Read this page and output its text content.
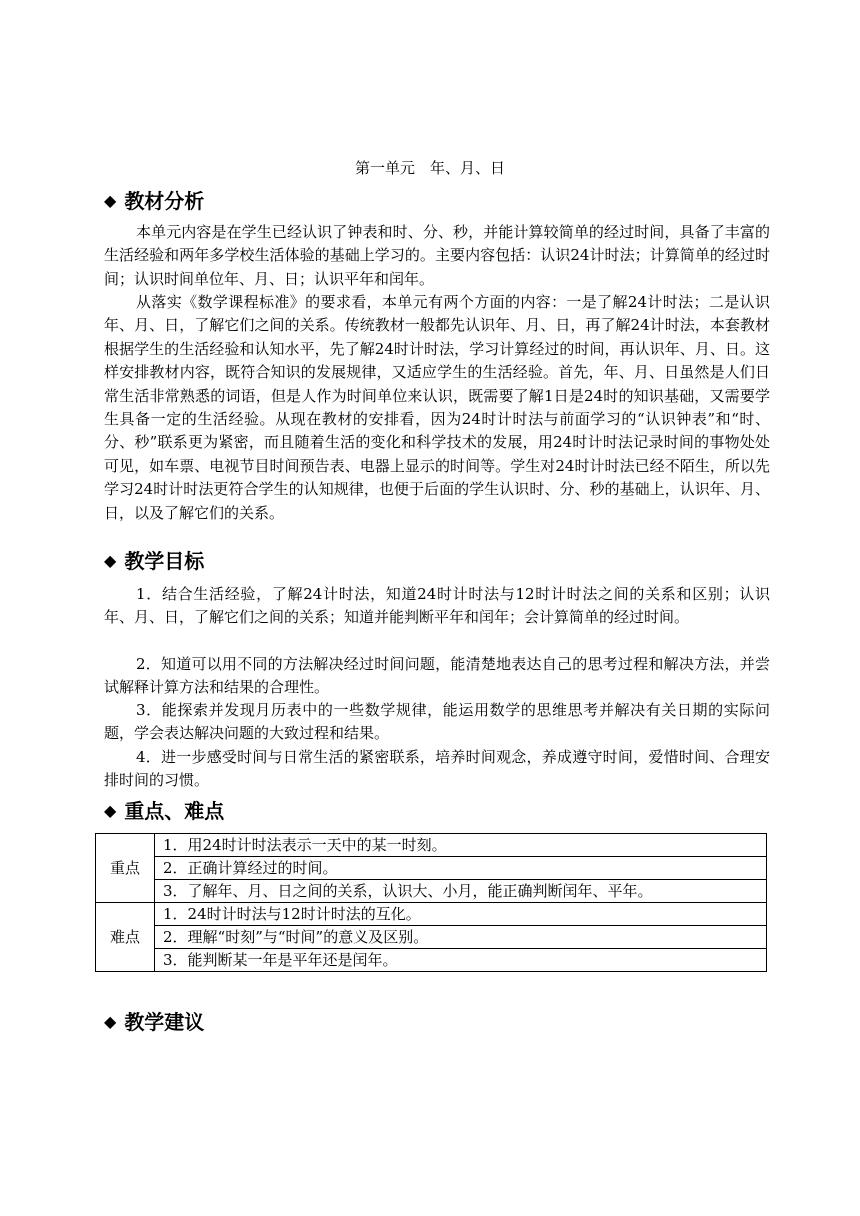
第一单元　年、月、日
◆ 教材分析

本单元内容是在学生已经认识了钟表和时、分、秒，并能计算较简单的经过时间，具备了丰富的生活经验和两年多学校生活体验的基础上学习的。主要内容包括：认识24计时法；计算简单的经过时间；认识时间单位年、月、日；认识平年和闰年。

从落实《数学课程标准》的要求看，本单元有两个方面的内容：一是了解24计时法；二是认识年、月、日，了解它们之间的关系。传统教材一般都先认识年、月、日，再了解24计时法，本套教材根据学生的生活经验和认知水平，先了解24时计时法，学习计算经过的时间，再认识年、月、日。这样安排教材内容，既符合知识的发展规律，又适应学生的生活经验。首先，年、月、日虽然是人们日常生活非常熟悉的词语，但是人作为时间单位来认识，既需要了解1日是24时的知识基础，又需要学生具备一定的生活经验。从现在教材的安排看，因为24时计时法与前面学习的“认识钟表”和“时、分、秒”联系更为紧密，而且随着生活的变化和科学技术的发展，用24时计时法记录时间的事物处处可见，如车票、电视节目时间预告表、电器上显示的时间等。学生对24时计时法已经不陌生，所以先学习24时计时法更符合学生的认知规律，也便于后面的学生认识时、分、秒的基础上，认识年、月、日，以及了解它们的关系。

◆ 教学目标

1．结合生活经验，了解24计时法，知道24时计时法与12时计时法之间的关系和区别；认识年、月、日，了解它们之间的关系；知道并能判断平年和闰年；会计算简单的经过时间。

2．知道可以用不同的方法解决经过时间问题，能清楚地表达自己的思考过程和解决方法，并尝试解释计算方法和结果的合理性。

3．能探索并发现月历表中的一些数学规律，能运用数学的思维思考并解决有关日期的实际问题，学会表达解决问题的大致过程和结果。

4．进一步感受时间与日常生活的紧密联系，培养时间观念，养成遵守时间，爱惜时间、合理安排时间的习惯。

◆ 重点、难点
重点	1．用24时计时法表示一天中的某一时刻。
	2．正确计算经过的时间。
	3．了解年、月、日之间的关系，认识大、小月，能正确判断闰年、平年。
难点	1．24时计时法与12时计时法的互化。
	2．理解“时刻”与“时间”的意义及区别。
	3．能判断某一年是平年还是闰年。
◆ 教学建议
